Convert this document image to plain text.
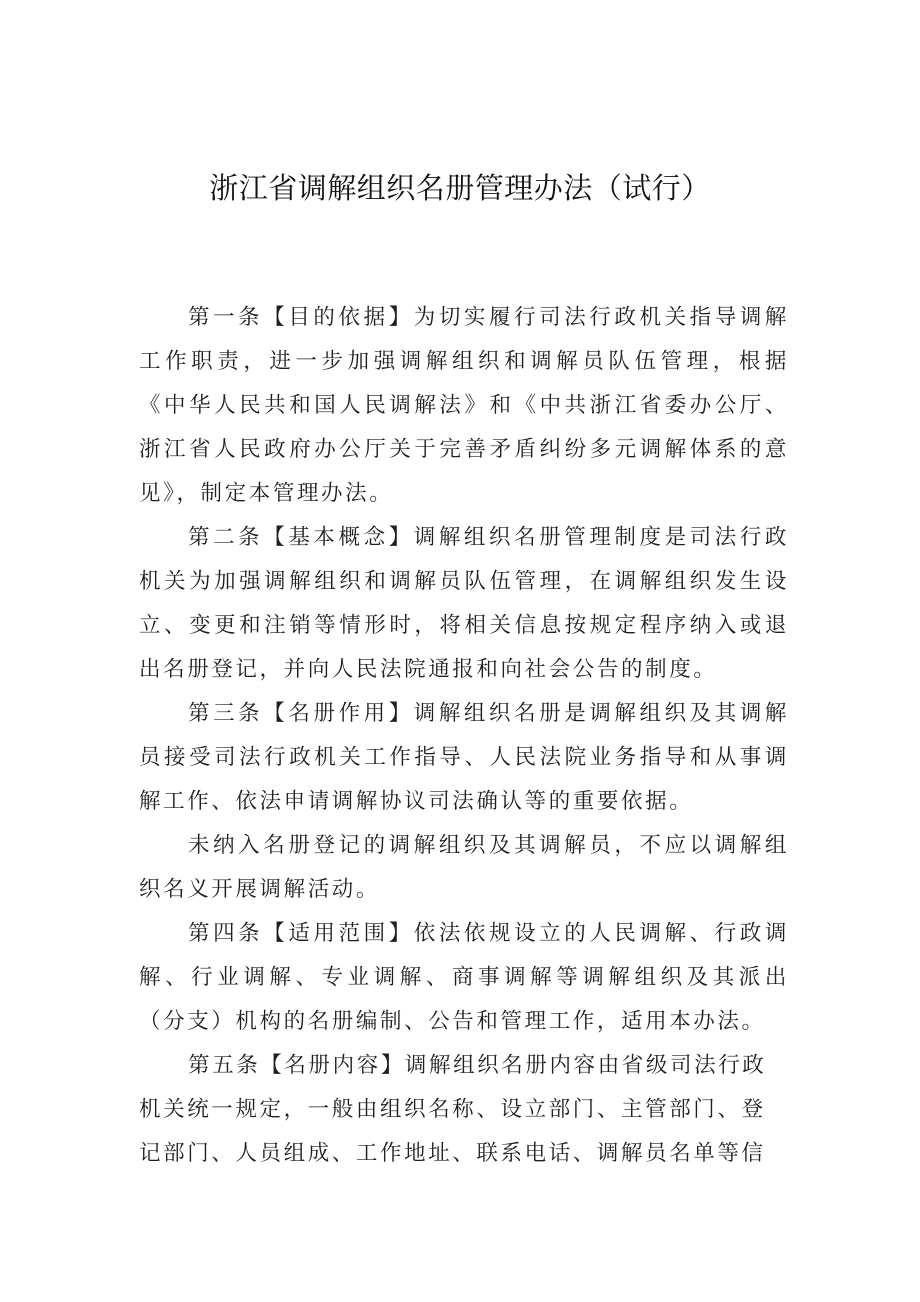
浙江省调解组织名册管理办法（试行）

第一条【目的依据】为切实履行司法行政机关指导调解工作职责，进一步加强调解组织和调解员队伍管理，根据《中华人民共和国人民调解法》和《中共浙江省委办公厅、浙江省人民政府办公厅关于完善矛盾纠纷多元调解体系的意见》，制定本管理办法。

第二条【基本概念】调解组织名册管理制度是司法行政机关为加强调解组织和调解员队伍管理，在调解组织发生设立、变更和注销等情形时，将相关信息按规定程序纳入或退出名册登记，并向人民法院通报和向社会公告的制度。

第三条【名册作用】调解组织名册是调解组织及其调解员接受司法行政机关工作指导、人民法院业务指导和从事调解工作、依法申请调解协议司法确认等的重要依据。

未纳入名册登记的调解组织及其调解员，不应以调解组织名义开展调解活动。

第四条【适用范围】依法依规设立的人民调解、行政调解、行业调解、专业调解、商事调解等调解组织及其派出（分支）机构的名册编制、公告和管理工作，适用本办法。

第五条【名册内容】调解组织名册内容由省级司法行政机关统一规定，一般由组织名称、设立部门、主管部门、登记部门、人员组成、工作地址、联系电话、调解员名单等信
